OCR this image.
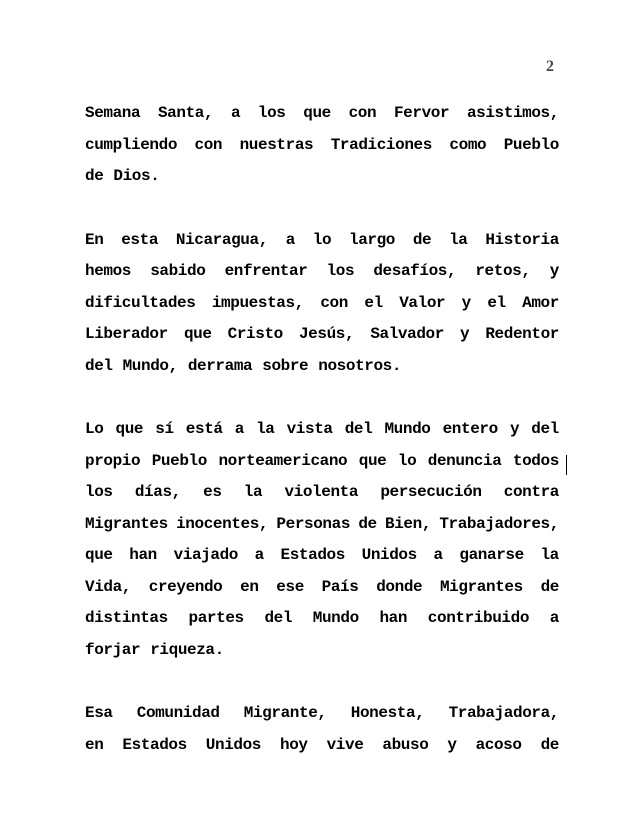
2
Semana Santa, a los que con Fervor asistimos,
cumpliendo con nuestras Tradiciones como Pueblo
de Dios.
En esta Nicaragua, a lo largo de la Historia
hemos sabido enfrentar los desafíos, retos, y
dificultades impuestas, con el Valor y el Amor
Liberador que Cristo Jesús, Salvador y Redentor
del Mundo, derrama sobre nosotros.
Lo que sí está a la vista del Mundo entero y del
propio Pueblo norteamericano que lo denuncia todos
los días, es la violenta persecución contra
Migrantes inocentes, Personas de Bien, Trabajadores,
que han viajado a Estados Unidos a ganarse la
Vida, creyendo en ese País donde Migrantes de
distintas partes del Mundo han contribuido a
forjar riqueza.
Esa Comunidad Migrante, Honesta, Trabajadora,
en Estados Unidos hoy vive abuso y acoso de
